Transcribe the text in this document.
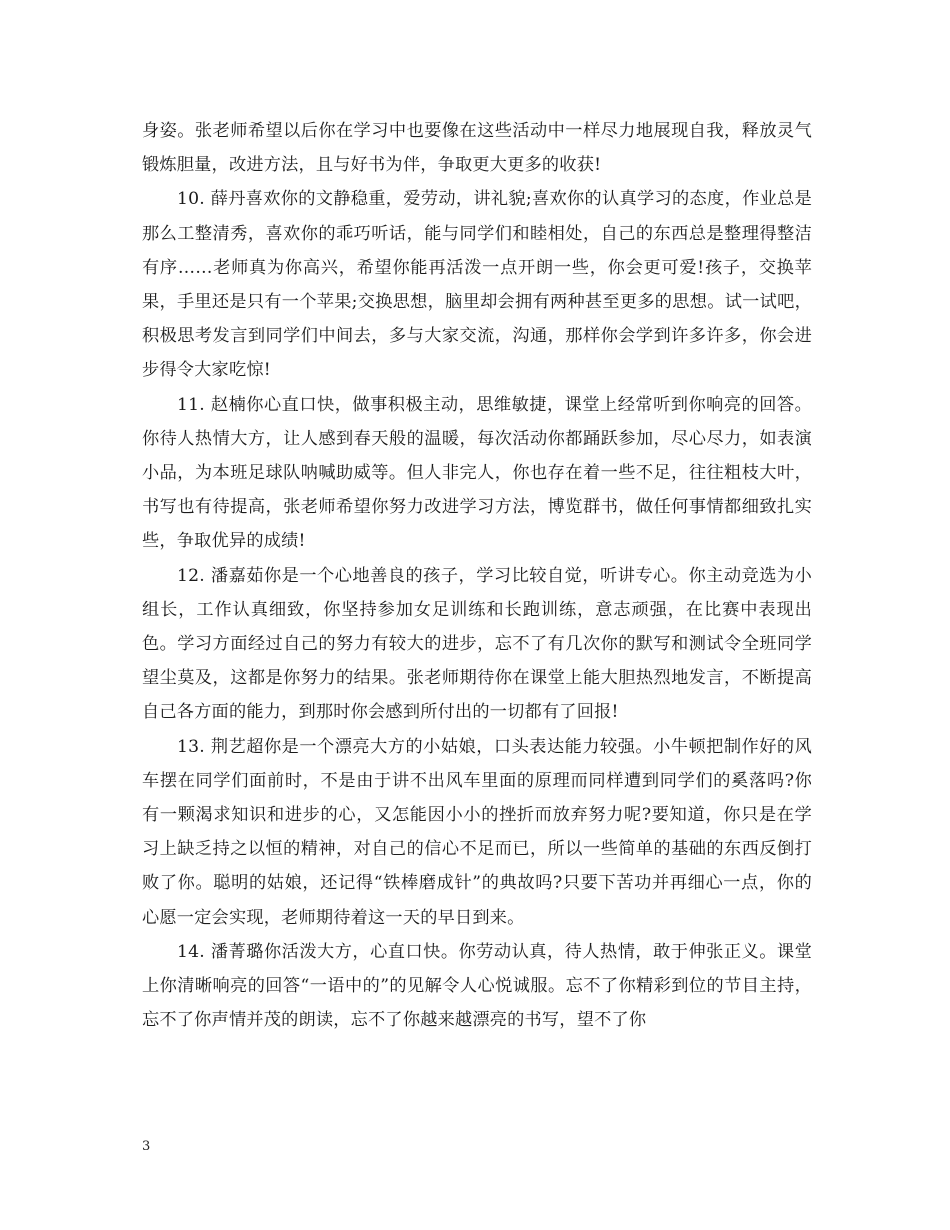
身姿。张老师希望以后你在学习中也要像在这些活动中一样尽力地展现自我，释放灵气锻炼胆量，改进方法，且与好书为伴，争取更大更多的收获!

10. 薛丹喜欢你的文静稳重，爱劳动，讲礼貌;喜欢你的认真学习的态度，作业总是那么工整清秀，喜欢你的乖巧听话，能与同学们和睦相处，自己的东西总是整理得整洁有序……老师真为你高兴，希望你能再活泼一点开朗一些，你会更可爱!孩子，交换苹果，手里还是只有一个苹果;交换思想，脑里却会拥有两种甚至更多的思想。试一试吧，积极思考发言到同学们中间去，多与大家交流，沟通，那样你会学到许多许多，你会进步得令大家吃惊!

11. 赵楠你心直口快，做事积极主动，思维敏捷，课堂上经常听到你响亮的回答。你待人热情大方，让人感到春天般的温暖，每次活动你都踊跃参加，尽心尽力，如表演小品，为本班足球队呐喊助威等。但人非完人，你也存在着一些不足，往往粗枝大叶，书写也有待提高，张老师希望你努力改进学习方法，博览群书，做任何事情都细致扎实些，争取优异的成绩!

12. 潘嘉茹你是一个心地善良的孩子，学习比较自觉，听讲专心。你主动竞选为小组长，工作认真细致，你坚持参加女足训练和长跑训练，意志顽强，在比赛中表现出色。学习方面经过自己的努力有较大的进步，忘不了有几次你的默写和测试令全班同学望尘莫及，这都是你努力的结果。张老师期待你在课堂上能大胆热烈地发言，不断提高自己各方面的能力，到那时你会感到所付出的一切都有了回报!

13. 荆艺超你是一个漂亮大方的小姑娘，口头表达能力较强。小牛顿把制作好的风车摆在同学们面前时，不是由于讲不出风车里面的原理而同样遭到同学们的奚落吗?你有一颗渴求知识和进步的心，又怎能因小小的挫折而放弃努力呢?要知道，你只是在学习上缺乏持之以恒的精神，对自己的信心不足而已，所以一些简单的基础的东西反倒打败了你。聪明的姑娘，还记得“铁棒磨成针”的典故吗?只要下苦功并再细心一点，你的心愿一定会实现，老师期待着这一天的早日到来。

14. 潘菁璐你活泼大方，心直口快。你劳动认真，待人热情，敢于伸张正义。课堂上你清晰响亮的回答“一语中的”的见解令人心悦诚服。忘不了你精彩到位的节目主持，忘不了你声情并茂的朗读，忘不了你越来越漂亮的书写，望不了你

3
